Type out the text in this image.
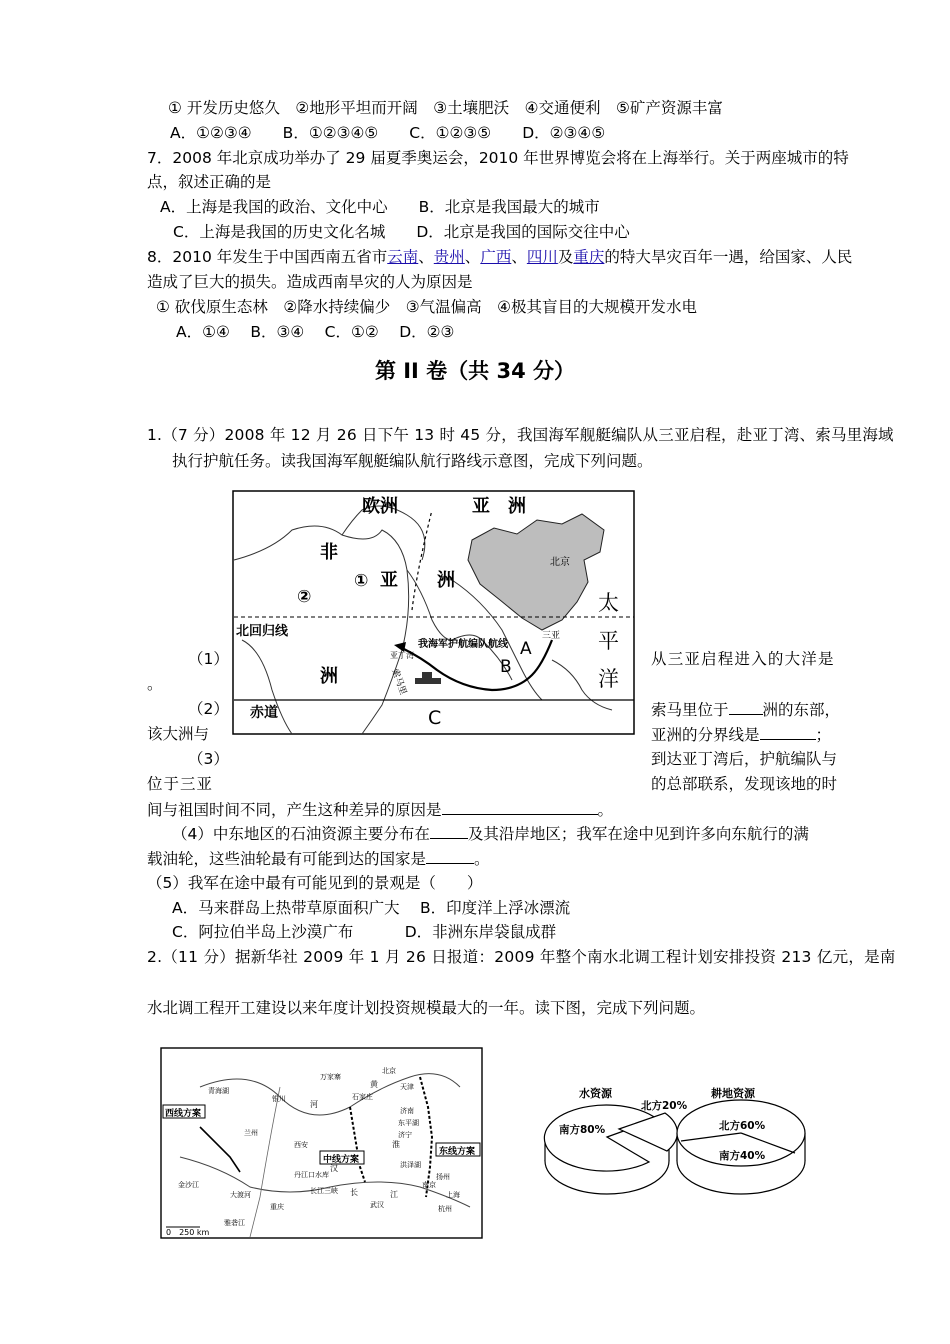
① 开发历史悠久　②地形平坦而开阔　③土壤肥沃　④交通便利　⑤矿产资源丰富
A．①②③④　　B．①②③④⑤　　C．①②③⑤　　D．②③④⑤
7．2008 年北京成功举办了 29 届夏季奥运会，2010 年世界博览会将在上海举行。关于两座城市的特
点，叙述正确的是
A．上海是我国的政治、文化中心　　B．北京是我国最大的城市
C．上海是我国的历史文化名城　　D．北京是我国的国际交往中心
8．2010 年发生于中国西南五省市云南、贵州、广西、四川及重庆的特大旱灾百年一遇，给国家、人民
造成了巨大的损失。造成西南旱灾的人为原因是
① 砍伐原生态林　②降水持续偏少　③气温偏高　④极其盲目的大规模开发水电
A．①④　 B．③④　 C．①②　 D．②③
第 II 卷（共 34 分）
1.（7 分）2008 年 12 月 26 日下午 13 时 45 分，我国海军舰艇编队从三亚启程，赴亚丁湾、索马里海域
执行护航任务。读我国海军舰艇编队航行路线示意图，完成下列问题。
欧洲	亚　洲
非
亚 洲
洲
①
②
北京
太
平
洋
北回归线
赤道
我海军护航编队航线
亚丁湾
三亚
索马里
A
B
C
（1）	从三亚启程进入的大洋是
。
（2）	索马里位于 洲的东部，
该大洲与	亚洲的分界线是	；
（3）	到达亚丁湾后，护航编队与
位于三亚	的总部联系，发现该地的时
间与祖国时间不同，产生这种差异的原因是	。
（4）中东地区的石油资源主要分布在 及其沿岸地区；我军在途中见到许多向东航行的满
载油轮，这些油轮最有可能到达的国家是	。
（5）我军在途中最有可能见到的景观是（　　）
A．马来群岛上热带草原面积广大　 B．印度洋上浮冰漂流
C．阿拉伯半岛上沙漠广布　　　 D．非洲东岸袋鼠成群
2.（11 分）据新华社 2009 年 1 月 26 日报道：2009 年整个南水北调工程计划安排投资 213 亿元，是南
水北调工程开工建设以来年度计划投资规模最大的一年。读下图，完成下列问题。
西线方案
中线方案
东线方案
0　250 km
青海湖
银川
兰州
西安
万家寨
北京
天津
石家庄
济南
东平湖
济宁
洪泽湖
扬州
南京
上海
杭州
武汉
丹江口水库
长江三峡
重庆
金沙江
大渡河
雅砻江
黄
河
淮
汉
江
长
水资源
南方80%
北方20%
耕地资源
北方60%
南方40%
